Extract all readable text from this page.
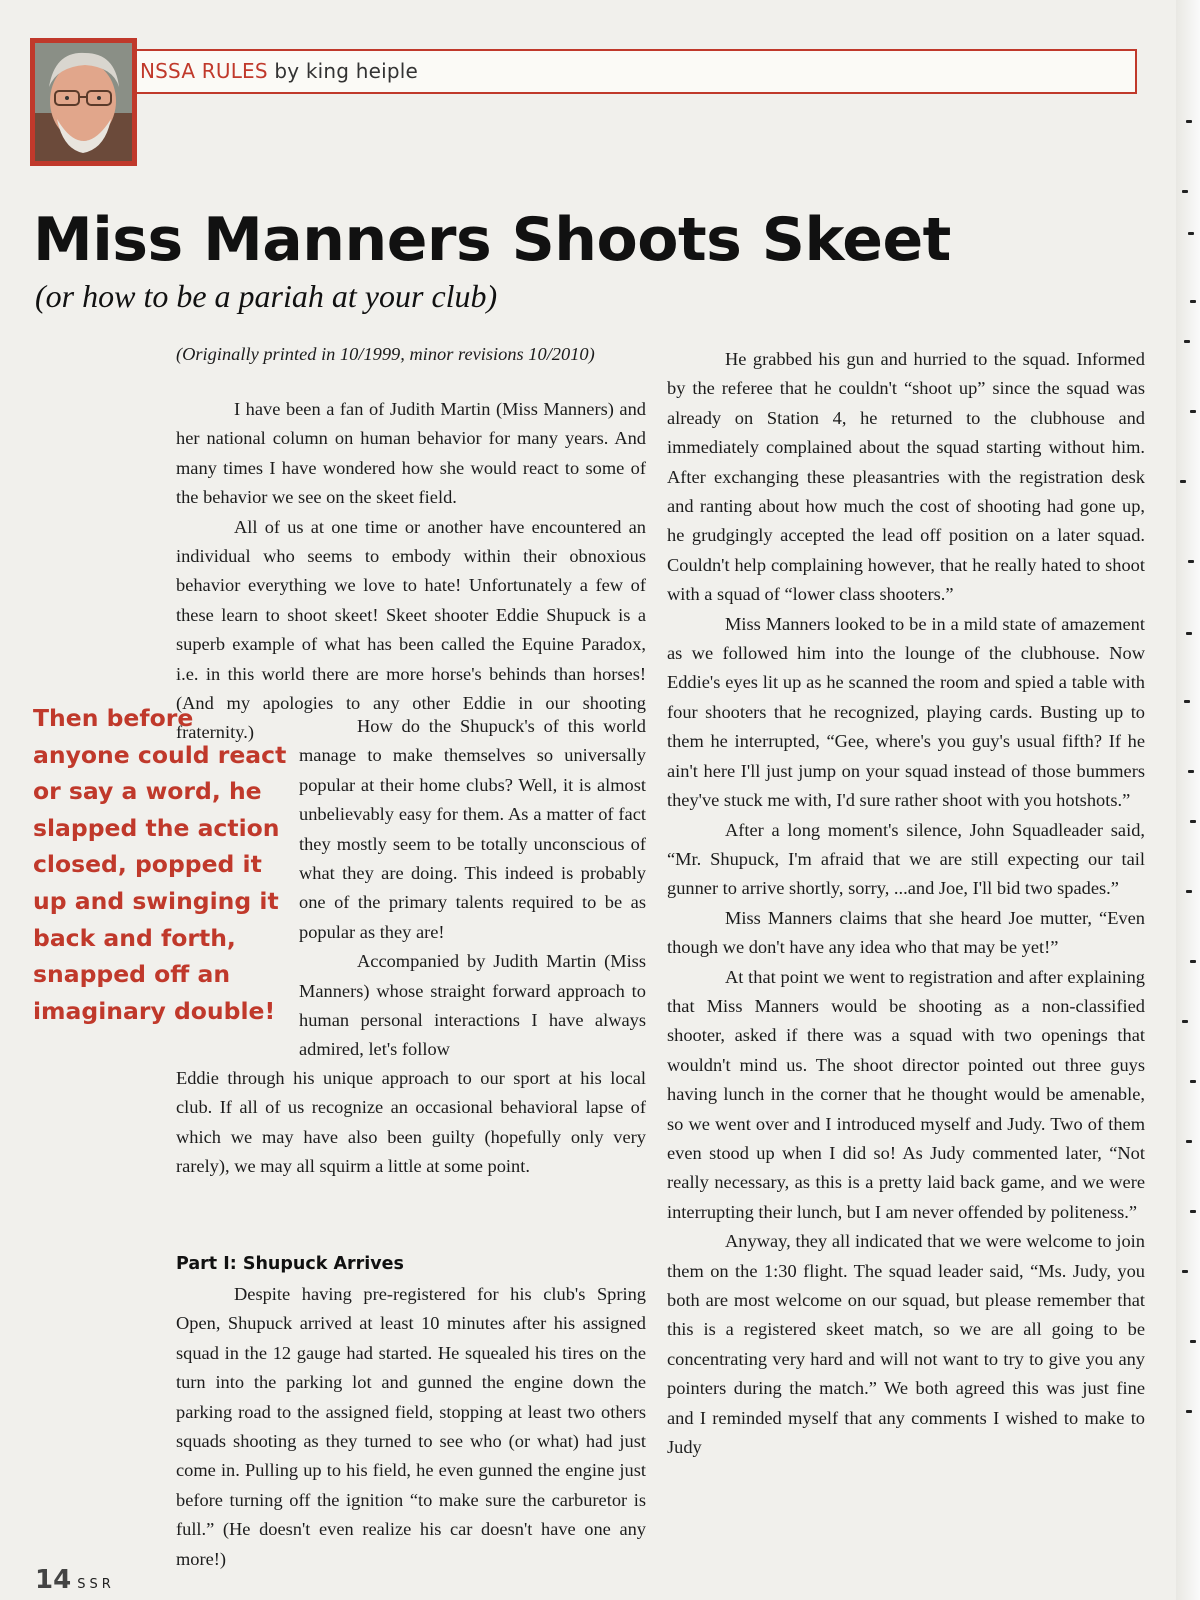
NSSA RULES by king heiple
Miss Manners Shoots Skeet
(or how to be a pariah at your club)
(Originally printed in 10/1999, minor revisions 10/2010)

I have been a fan of Judith Martin (Miss Manners) and her national column on human behavior for many years. And many times I have wondered how she would react to some of the behavior we see on the skeet field.

All of us at one time or another have encountered an individual who seems to embody within their obnoxious behavior everything we love to hate! Unfortunately a few of these learn to shoot skeet! Skeet shooter Eddie Shupuck is a superb example of what has been called the Equine Paradox, i.e. in this world there are more horse's behinds than horses! (And my apologies to any other Eddie in our shooting fraternity.)	How do the Shupuck's of this world manage to make themselves so universally popular at their home clubs? Well, it is almost unbelievably easy for them. As a matter of fact they mostly seem to be totally unconscious of what they are doing. This indeed is probably one of the primary talents required to be as popular as they are!

Accompanied by Judith Martin (Miss Manners) whose straight forward approach to human personal interactions I have always admired, let's follow

Eddie through his unique approach to our sport at his local club. If all of us recognize an occasional behavioral lapse of which we may have also been guilty (hopefully only very rarely), we may all squirm a little at some point.

Part I: Shupuck Arrives

Despite having pre-registered for his club's Spring Open, Shupuck arrived at least 10 minutes after his assigned squad in the 12 gauge had started. He squealed his tires on the turn into the parking lot and gunned the engine down the parking road to the assigned field, stopping at least two others squads shooting as they turned to see who (or what) had just come in. Pulling up to his field, he even gunned the engine just before turning off the ignition “to make sure the carburetor is full.” (He doesn't even realize his car doesn't have one any more!)

Then before anyone could react or say a word, he slapped the action closed, popped it up and swinging it back and forth, snapped off an imaginary double!

He grabbed his gun and hurried to the squad. Informed by the referee that he couldn't “shoot up” since the squad was already on Station 4, he returned to the clubhouse and immediately complained about the squad starting without him. After exchanging these pleasantries with the registration desk and ranting about how much the cost of shooting had gone up, he grudgingly accepted the lead off position on a later squad. Couldn't help complaining however, that he really hated to shoot with a squad of “lower class shooters.”

Miss Manners looked to be in a mild state of amazement as we followed him into the lounge of the clubhouse. Now Eddie's eyes lit up as he scanned the room and spied a table with four shooters that he recognized, playing cards. Busting up to them he interrupted, “Gee, where's you guy's usual fifth? If he ain't here I'll just jump on your squad instead of those bummers they've stuck me with, I'd sure rather shoot with you hotshots.”

After a long moment's silence, John Squadleader said, “Mr. Shupuck, I'm afraid that we are still expecting our tail gunner to arrive shortly, sorry, ...and Joe, I'll bid two spades.”

Miss Manners claims that she heard Joe mutter, “Even though we don't have any idea who that may be yet!”

At that point we went to registration and after explaining that Miss Manners would be shooting as a non-classified shooter, asked if there was a squad with two openings that wouldn't mind us. The shoot director pointed out three guys having lunch in the corner that he thought would be amenable, so we went over and I introduced myself and Judy. Two of them even stood up when I did so! As Judy commented later, “Not really necessary, as this is a pretty laid back game, and we were interrupting their lunch, but I am never offended by politeness.”

Anyway, they all indicated that we were welcome to join them on the 1:30 flight. The squad leader said, “Ms. Judy, you both are most welcome on our squad, but please remember that this is a registered skeet match, so we are all going to be concentrating very hard and will not want to try to give you any pointers during the match.” We both agreed this was just fine and I reminded myself that any comments I wished to make to Judy

14 SSR
